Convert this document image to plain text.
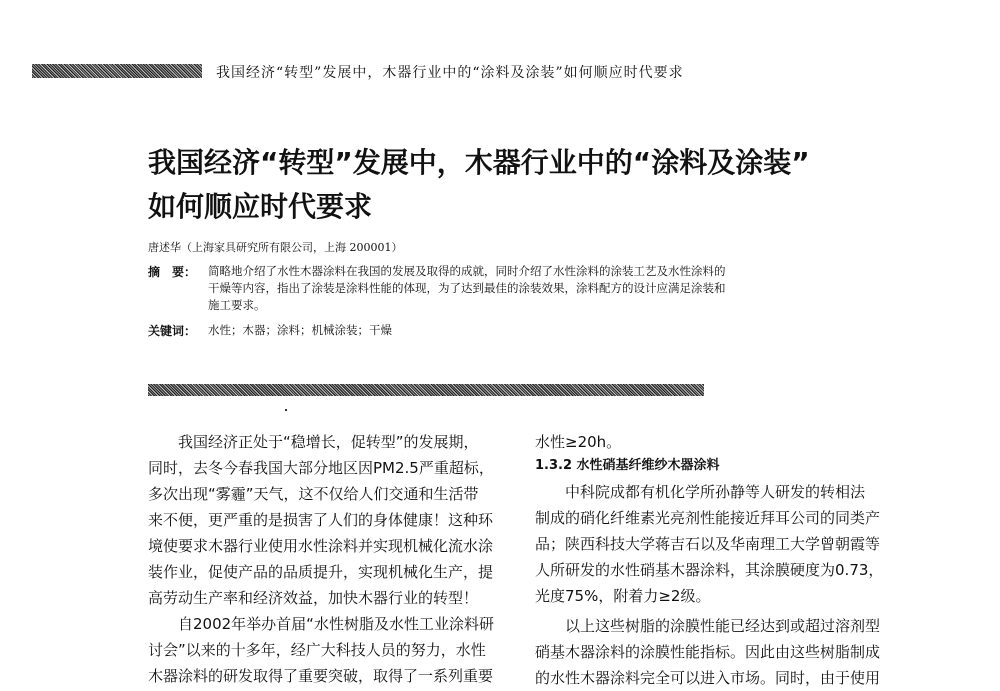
我国经济“转型”发展中，木器行业中的“涂料及涂装”如何顺应时代要求
我国经济“转型”发展中，木器行业中的“涂料及涂装”
如何顺应时代要求
唐述华（上海家具研究所有限公司，上海 200001）
摘　要： 简略地介绍了水性木器涂料在我国的发展及取得的成就，同时介绍了水性涂料的涂装工艺及水性涂料的
干燥等内容，指出了涂装是涂料性能的体现，为了达到最佳的涂装效果，涂料配方的设计应满足涂装和
施工要求。
关键词： 水性；木器；涂料；机械涂装；干燥
　　我国经济正处于“稳增长，促转型”的发展期，
同时，去冬今春我国大部分地区因PM2.5严重超标，
多次出现“雾霾”天气，这不仅给人们交通和生活带
来不便，更严重的是损害了人们的身体健康！这种环
境使要求木器行业使用水性涂料并实现机械化流水涂
装作业，促使产品的品质提升，实现机械化生产，提
高劳动生产率和经济效益，加快木器行业的转型！
　　自2002年举办首届“水性树脂及水性工业涂料研
讨会”以来的十多年，经广大科技人员的努力，水性
木器涂料的研发取得了重要突破，取得了一系列重要
水性≥20h。
1.3.2 水性硝基纤维纱木器涂料
　　中科院成都有机化学所孙静等人研发的转相法
制成的硝化纤维素光亮剂性能接近拜耳公司的同类产
品；陕西科技大学蒋吉石以及华南理工大学曾朝霞等
人所研发的水性硝基木器涂料，其涂膜硬度为0.73，
光度75%，附着力≥2级。
　　以上这些树脂的涂膜性能已经达到或超过溶剂型
硝基木器涂料的涂膜性能指标。因此由这些树脂制成
的水性木器涂料完全可以进入市场。同时，由于使用
